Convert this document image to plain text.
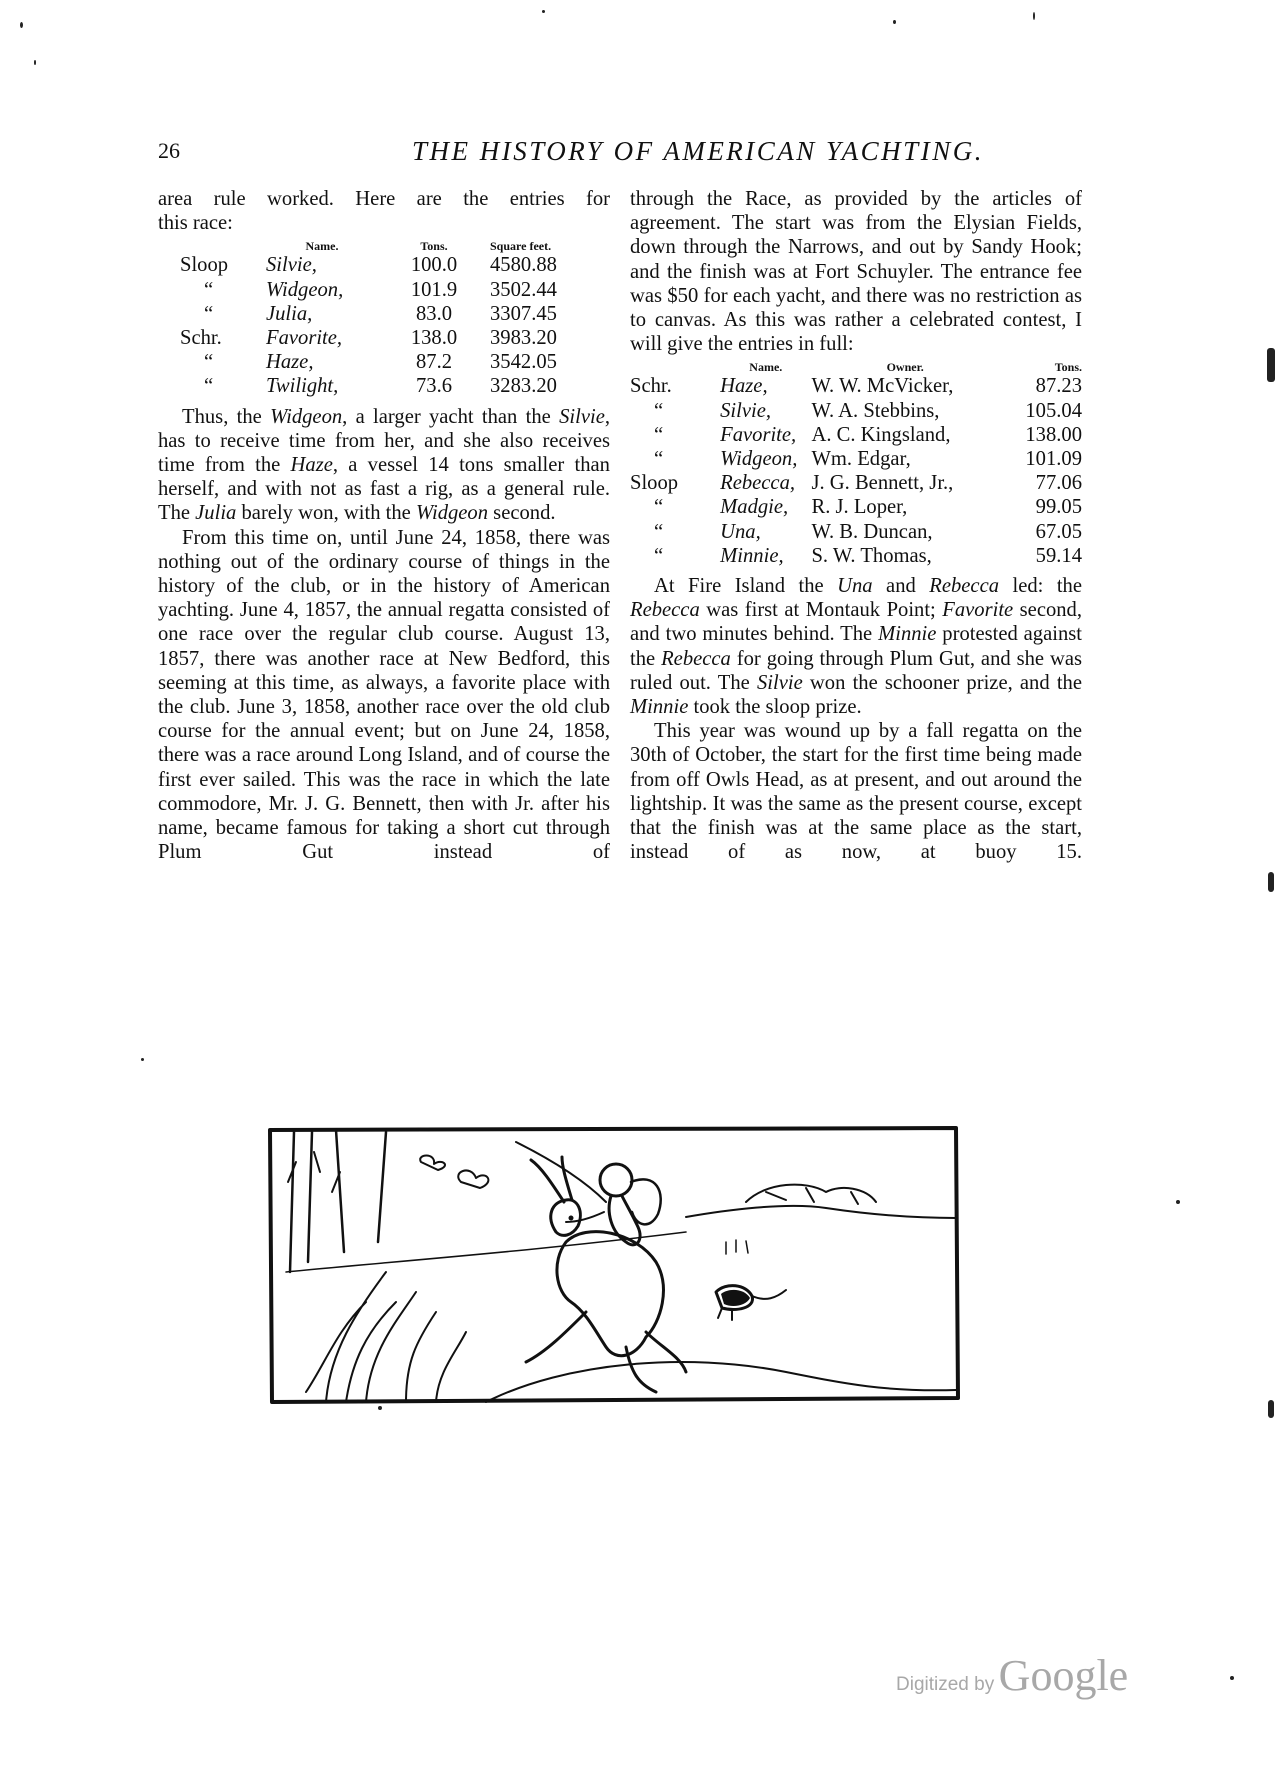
26	THE HISTORY OF AMERICAN YACHTING.

area rule worked. Here are the entries for

this race:

	Name.	Tons.	Square feet.
Sloop	Silvie,	100.0	4580.88
“	Widgeon,	101.9	3502.44
“	Julia,	83.0	3307.45
Schr.	Favorite,	138.0	3983.20
“	Haze,	87.2	3542.05
“	Twilight,	73.6	3283.20

Thus, the Widgeon, a larger yacht than the Silvie, has to receive time from her, and she also receives time from the Haze, a vessel 14 tons smaller than herself, and with not as fast a rig, as a general rule. The Julia barely won, with the Widgeon second.

From this time on, until June 24, 1858, there was nothing out of the ordinary course of things in the history of the club, or in the history of American yachting. June 4, 1857, the annual regatta consisted of one race over the regular club course. August 13, 1857, there was another race at New Bedford, this seeming at this time, as always, a favorite place with the club. June 3, 1858, another race over the old club course for the annual event; but on June 24, 1858, there was a race around Long Island, and of course the first ever sailed. This was the race in which the late commodore, Mr. J. G. Bennett, then with Jr. after his name, became famous for taking a short cut through Plum Gut instead of

through the Race, as provided by the articles of agreement. The start was from the Elysian Fields, down through the Narrows, and out by Sandy Hook; and the finish was at Fort Schuyler. The entrance fee was $50 for each yacht, and there was no restriction as to canvas. As this was rather a celebrated contest, I will give the entries in full:

	Name.	Owner.	Tons.
Schr.	Haze,	W. W. McVicker,	87.23
“	Silvie,	W. A. Stebbins,	105.04
“	Favorite,	A. C. Kingsland,	138.00
“	Widgeon,	Wm. Edgar,	101.09
Sloop	Rebecca,	J. G. Bennett, Jr.,	77.06
“	Madgie,	R. J. Loper,	99.05
“	Una,	W. B. Duncan,	67.05
“	Minnie,	S. W. Thomas,	59.14

At Fire Island the Una and Rebecca led: the Rebecca was first at Montauk Point; Favorite second, and two minutes behind. The Minnie protested against the Rebecca for going through Plum Gut, and she was ruled out. The Silvie won the schooner prize, and the Minnie took the sloop prize.

This year was wound up by a fall regatta on the 30th of October, the start for the first time being made from off Owls Head, as at present, and out around the lightship. It was the same as the present course, except that the finish was at the same place as the start, instead of as now, at buoy 15.

Digitized by Google
